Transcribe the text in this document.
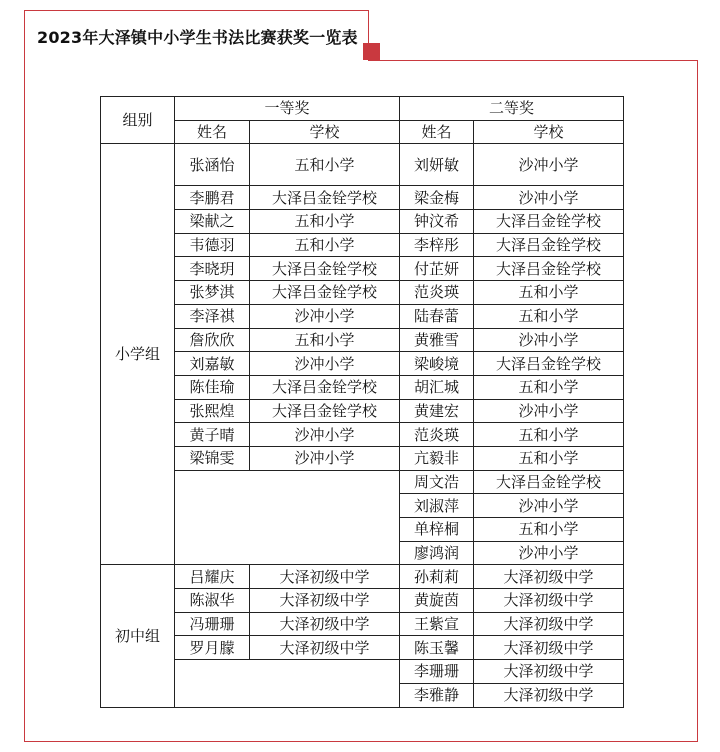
2023年大泽镇中小学生书法比赛获奖一览表
组别	一等奖		二等奖	
	姓名	学校	姓名	学校
小学组	张涵怡	五和小学	刘妍敏	沙冲小学
	李鹏君	大泽吕金铨学校	梁金梅	沙冲小学
	梁献之	五和小学	钟汶希	大泽吕金铨学校
	韦德羽	五和小学	李梓彤	大泽吕金铨学校
	李晓玥	大泽吕金铨学校	付芷妍	大泽吕金铨学校
	张梦淇	大泽吕金铨学校	范炎瑛	五和小学
	李泽祺	沙冲小学	陆春蕾	五和小学
	詹欣欣	五和小学	黄雅雪	沙冲小学
	刘嘉敏	沙冲小学	梁峻境	大泽吕金铨学校
	陈佳瑜	大泽吕金铨学校	胡汇城	五和小学
	张熙煌	大泽吕金铨学校	黄建宏	沙冲小学
	黄子晴	沙冲小学	范炎瑛	五和小学
	梁锦雯	沙冲小学	亢毅非	五和小学
			周文浩	大泽吕金铨学校
			刘淑萍	沙冲小学
			单梓桐	五和小学
			廖鸿润	沙冲小学
初中组	吕耀庆	大泽初级中学	孙莉莉	大泽初级中学
	陈淑华	大泽初级中学	黄旋茵	大泽初级中学
	冯珊珊	大泽初级中学	王紫宣	大泽初级中学
	罗月朦	大泽初级中学	陈玉馨	大泽初级中学
			李珊珊	大泽初级中学
			李雅静	大泽初级中学
